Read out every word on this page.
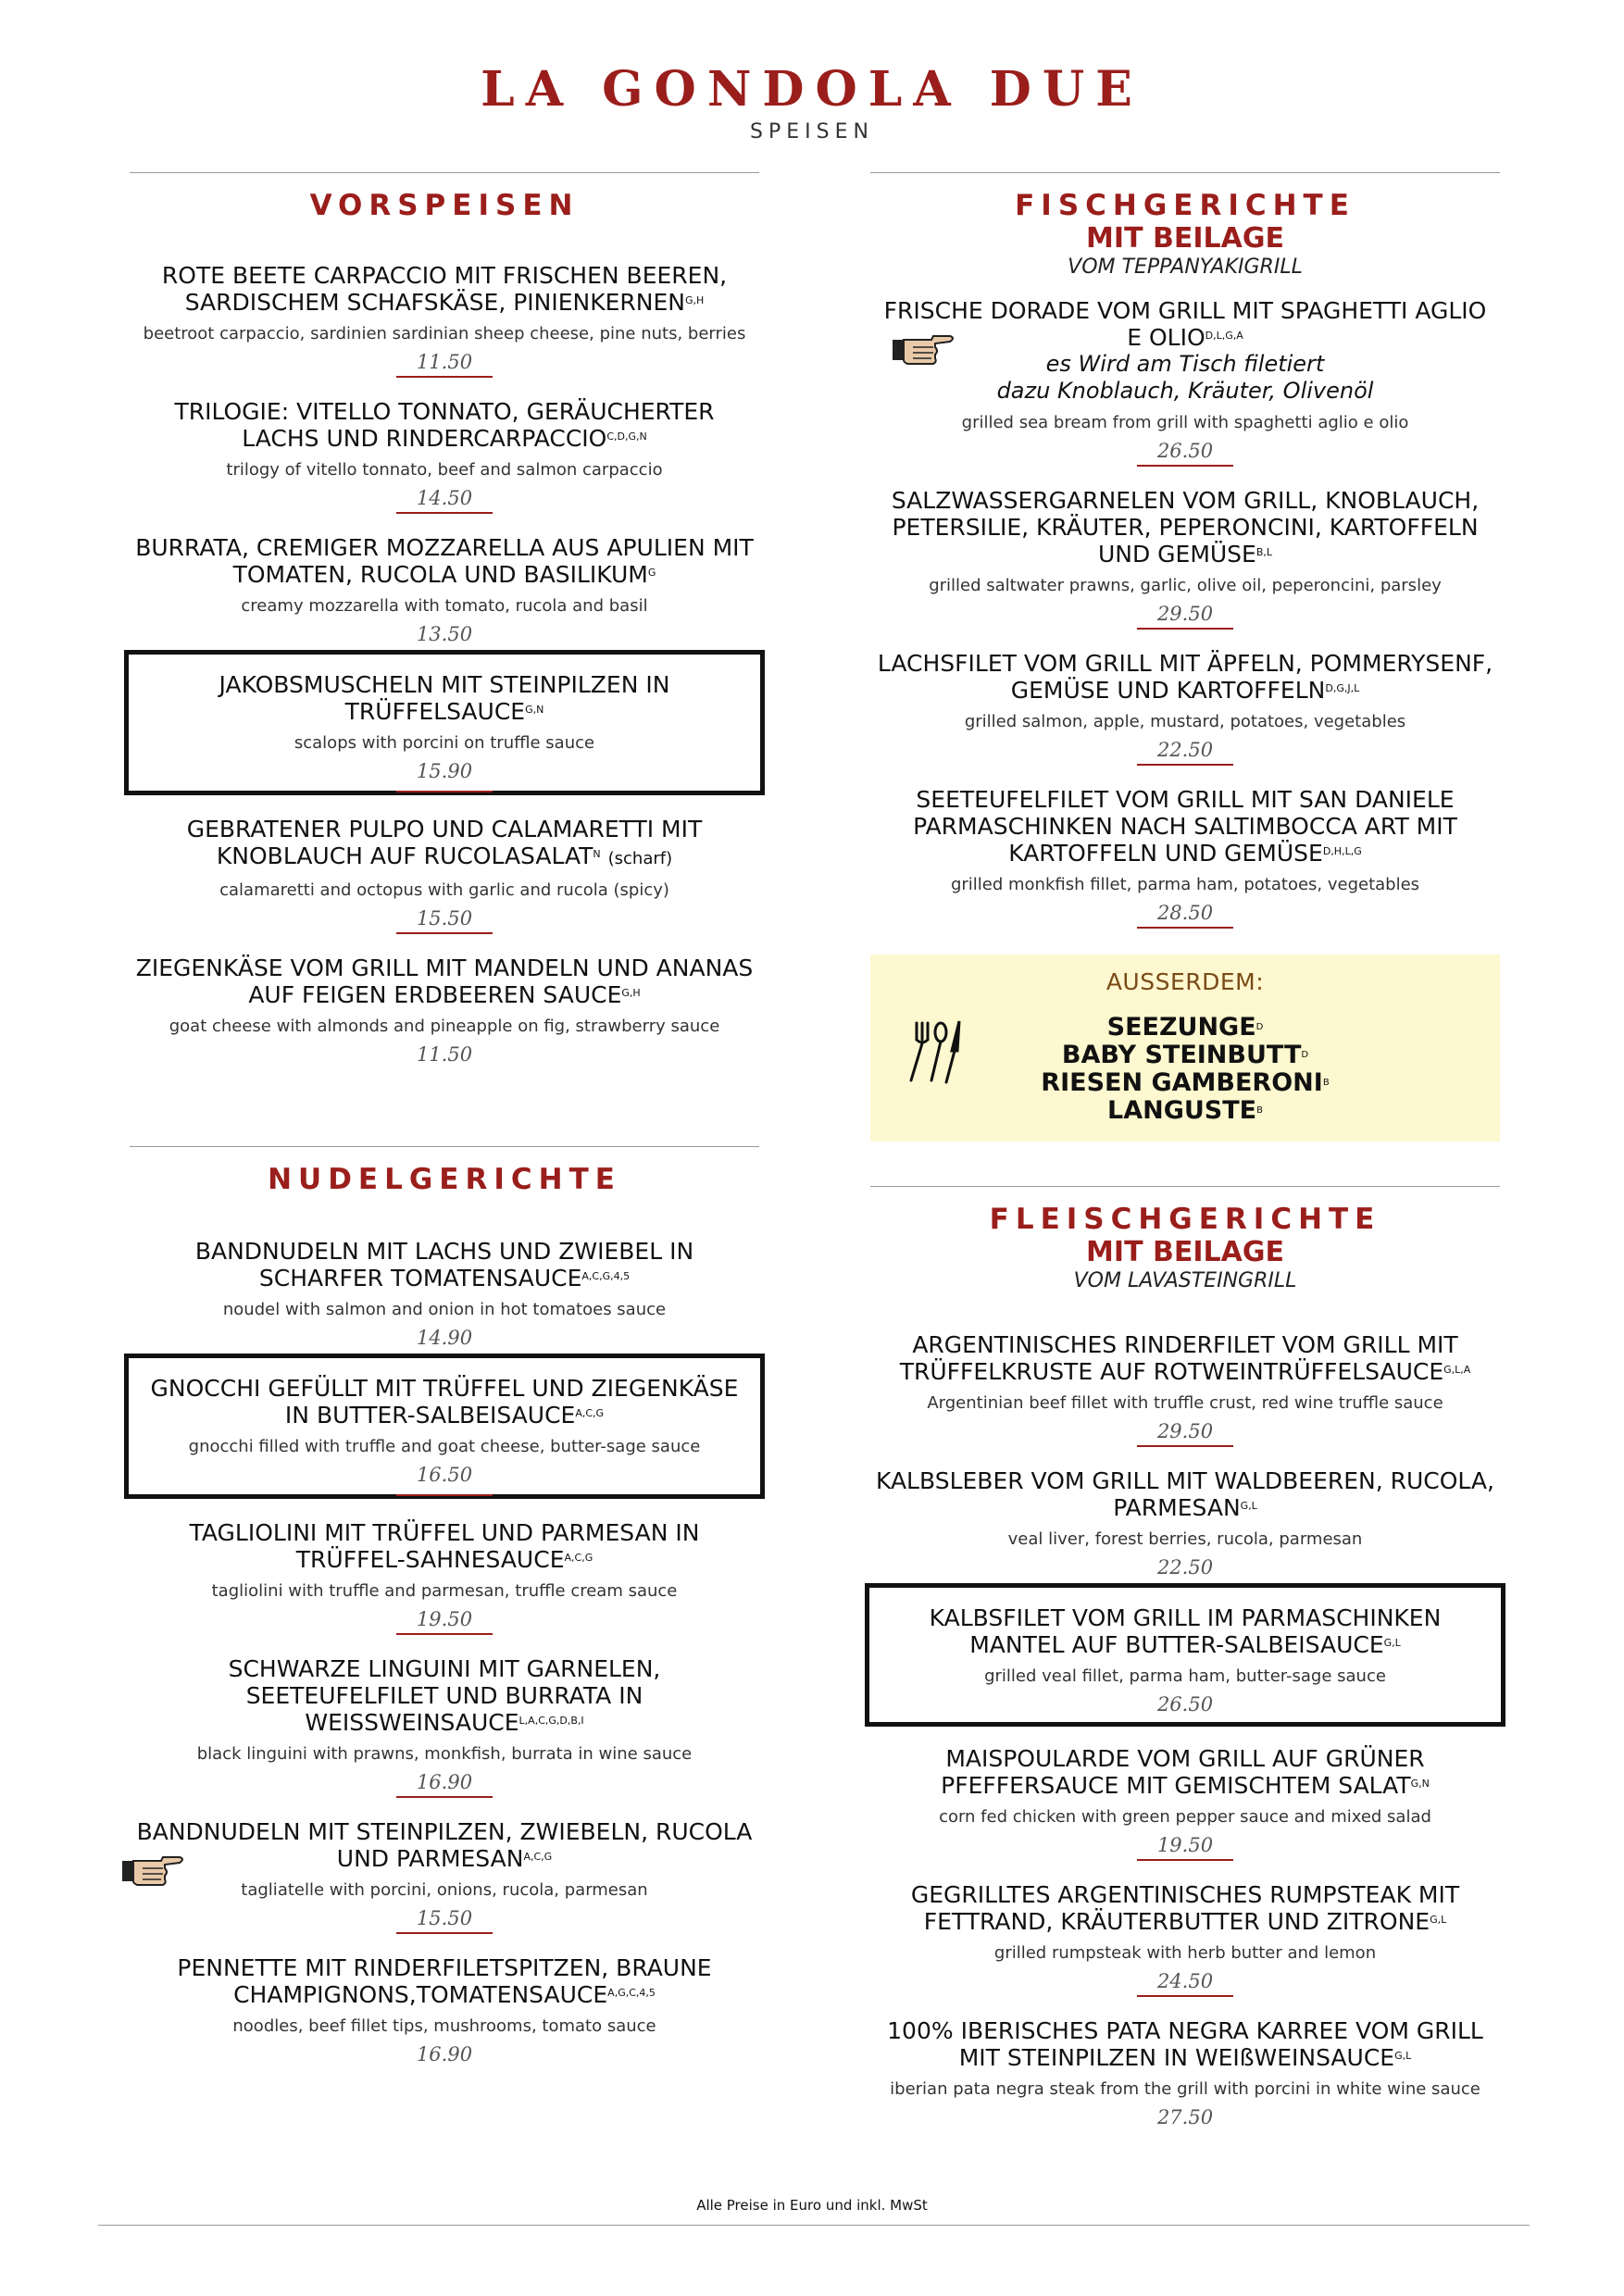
LA GONDOLA DUE
SPEISEN
VORSPEISEN
ROTE BEETE CARPACCIO MIT FRISCHEN BEEREN, SARDISCHEM SCHAFSKÄSE, $PINIENKERNEN^{G,H}$
beetroot carpaccio, sardinien sardinian sheep cheese, pine nuts, berries
11.50
TRILOGIE: VITELLO TONNATO, GERÄUCHERTER LACHS UND $RINDERCARPACCIO^{C,D,G,N}$
trilogy of vitello tonnato, beef and salmon carpaccio
14.50
BURRATA, CREMIGER MOZZARELLA AUS APULIEN MIT TOMATEN, RUCOLA UND $BASILIKUM^G$
creamy mozzarella with tomato, rucola and basil
13.50
JAKOBSMUSCHELN MIT STEINPILZEN IN $TRÜFFELSAUCE^{G,N}$
scalops with porcini on truffle sauce
15.90
GEBRATENER PULPO UND CALAMARETTI MIT KNOBLAUCH AUF $RUCOLASALAT^N$ (scharf)
calamaretti and octopus with garlic and rucola (spicy)
15.50
ZIEGENKÄSE VOM GRILL MIT MANDELN UND ANANAS AUF FEIGEN ERDBEEREN $SAUCE^{G,H}$
goat cheese with almonds and pineapple on fig, strawberry sauce
11.50
NUDELGERICHTE
BANDNUDELN MIT LACHS UND ZWIEBEL IN SCHARFER $TOMATENSAUCE^{A,C,G,4,5}$
noudel with salmon and onion in hot tomatoes sauce
14.90
GNOCCHI GEFÜLLT MIT TRÜFFEL UND ZIEGENKÄSE IN BUTTER-$SALBEISAUCE^{A,C,G}$
gnocchi filled with truffle and goat cheese, butter-sage sauce
16.50
TAGLIOLINI MIT TRÜFFEL UND PARMESAN IN TRÜFFEL-$SAHNESAUCE^{A,C,G}$
tagliolini with truffle and parmesan, truffle cream sauce
19.50
SCHWARZE LINGUINI MIT GARNELEN, SEETEUFELFILET UND BURRATA IN $WEISSWEINSAUCE^{L,A,C,G,D,B,I}$
black linguini with prawns, monkfish, burrata in wine sauce
16.90
BANDNUDELN MIT STEINPILZEN, ZWIEBELN, RUCOLA UND $PARMESAN^{A,C,G}$
tagliatelle with porcini, onions, rucola, parmesan
15.50
PENNETTE MIT RINDERFILETSPITZEN, BRAUNE $CHAMPIGNONS,TOMATENSAUCE^{A,G,C,4,5}$
noodles, beef fillet tips, mushrooms, tomato sauce
16.90
FISCHGERICHTE
MIT BEILAGE
VOM TEPPANYAKIGRILL
FRISCHE DORADE VOM GRILL MIT SPAGHETTI AGLIO E $OLIO^{D,L,G,A}$
es Wird am Tisch filetiert
dazu Knoblauch, Kräuter, Olivenöl
grilled sea bream from grill with spaghetti aglio e olio
26.50
SALZWASSERGARNELEN VOM GRILL, KNOBLAUCH, PETERSILIE, KRÄUTER, PEPERONCINI, KARTOFFELN UND $GEMÜSE^{B,L}$
grilled saltwater prawns, garlic, olive oil, peperoncini, parsley
29.50
LACHSFILET VOM GRILL MIT ÄPFELN, POMMERYSENF, GEMÜSE UND $KARTOFFELN^{D,G,J,L}$
grilled salmon, apple, mustard, potatoes, vegetables
22.50
SEETEUFELFILET VOM GRILL MIT SAN DANIELE PARMASCHINKEN NACH SALTIMBOCCA ART MIT KARTOFFELN UND $GEMÜSE^{D,H,L,G}$
grilled monkfish fillet, parma ham, potatoes, vegetables
28.50
AUSSERDEM:
$SEEZUNGE^D$
BABY $STEINBUTT^D$
RIESEN $GAMBERONI^B$
$LANGUSTE^B$
FLEISCHGERICHTE
MIT BEILAGE
VOM LAVASTEINGRILL
ARGENTINISCHES RINDERFILET VOM GRILL MIT TRÜFFELKRUSTE AUF $ROTWEINTRÜFFELSAUCE^{G,L,A}$
Argentinian beef fillet with truffle crust, red wine truffle sauce
29.50
KALBSLEBER VOM GRILL MIT WALDBEEREN, RUCOLA, $PARMESAN^{G,L}$
veal liver, forest berries, rucola, parmesan
22.50
KALBSFILET VOM GRILL IM PARMASCHINKEN MANTEL AUF BUTTER-$SALBEISAUCE^{G,L}$
grilled veal fillet, parma ham, butter-sage sauce
26.50
MAISPOULARDE VOM GRILL AUF GRÜNER PFEFFERSAUCE MIT GEMISCHTEM $SALAT^{G,N}$
corn fed chicken with green pepper sauce and mixed salad
19.50
GEGRILLTES ARGENTINISCHES RUMPSTEAK MIT FETTRAND, KRÄUTERBUTTER UND $ZITRONE^{G,L}$
grilled rumpsteak with herb butter and lemon
24.50
100% IBERISCHES PATA NEGRA KARREE VOM GRILL MIT STEINPILZEN IN WEIßWEINSAUCE$^{G,L}$
iberian pata negra steak from the grill with porcini in white wine sauce
27.50
Alle Preise in Euro und inkl. MwSt
